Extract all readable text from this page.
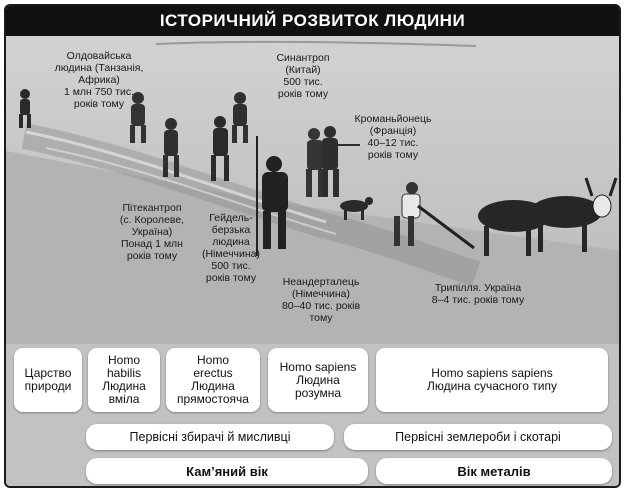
ІСТОРИЧНИЙ РОЗВИТОК ЛЮДИНИ
Олдовайська
людина (Танзанія,
Африка)
1 млн 750 тис.
років тому
Синантроп
(Китай)
500 тис.
років тому
Кроманьйонець
(Франція)
40–12 тис.
років тому
Пітекантроп
(с. Королеве,
Україна)
Понад 1 млн
років тому
Гейдель-
берзька
людина
(Німеччина)
500 тис.
років тому	Неандерталець
(Німеччина)
80–40 тис. років
тому
Трипілля. Україна
8–4 тис. років тому
Царство
природи
Homo
habilis
Людина
вміла
Homo
erectus
Людина
прямостояча
Homo sapiens
Людина
розумна
Homo sapiens sapiens
Людина сучасного типу
Первісні збирачі й мисливці	Первісні землероби і скотарі
Кам’яний вік	Вік металів
